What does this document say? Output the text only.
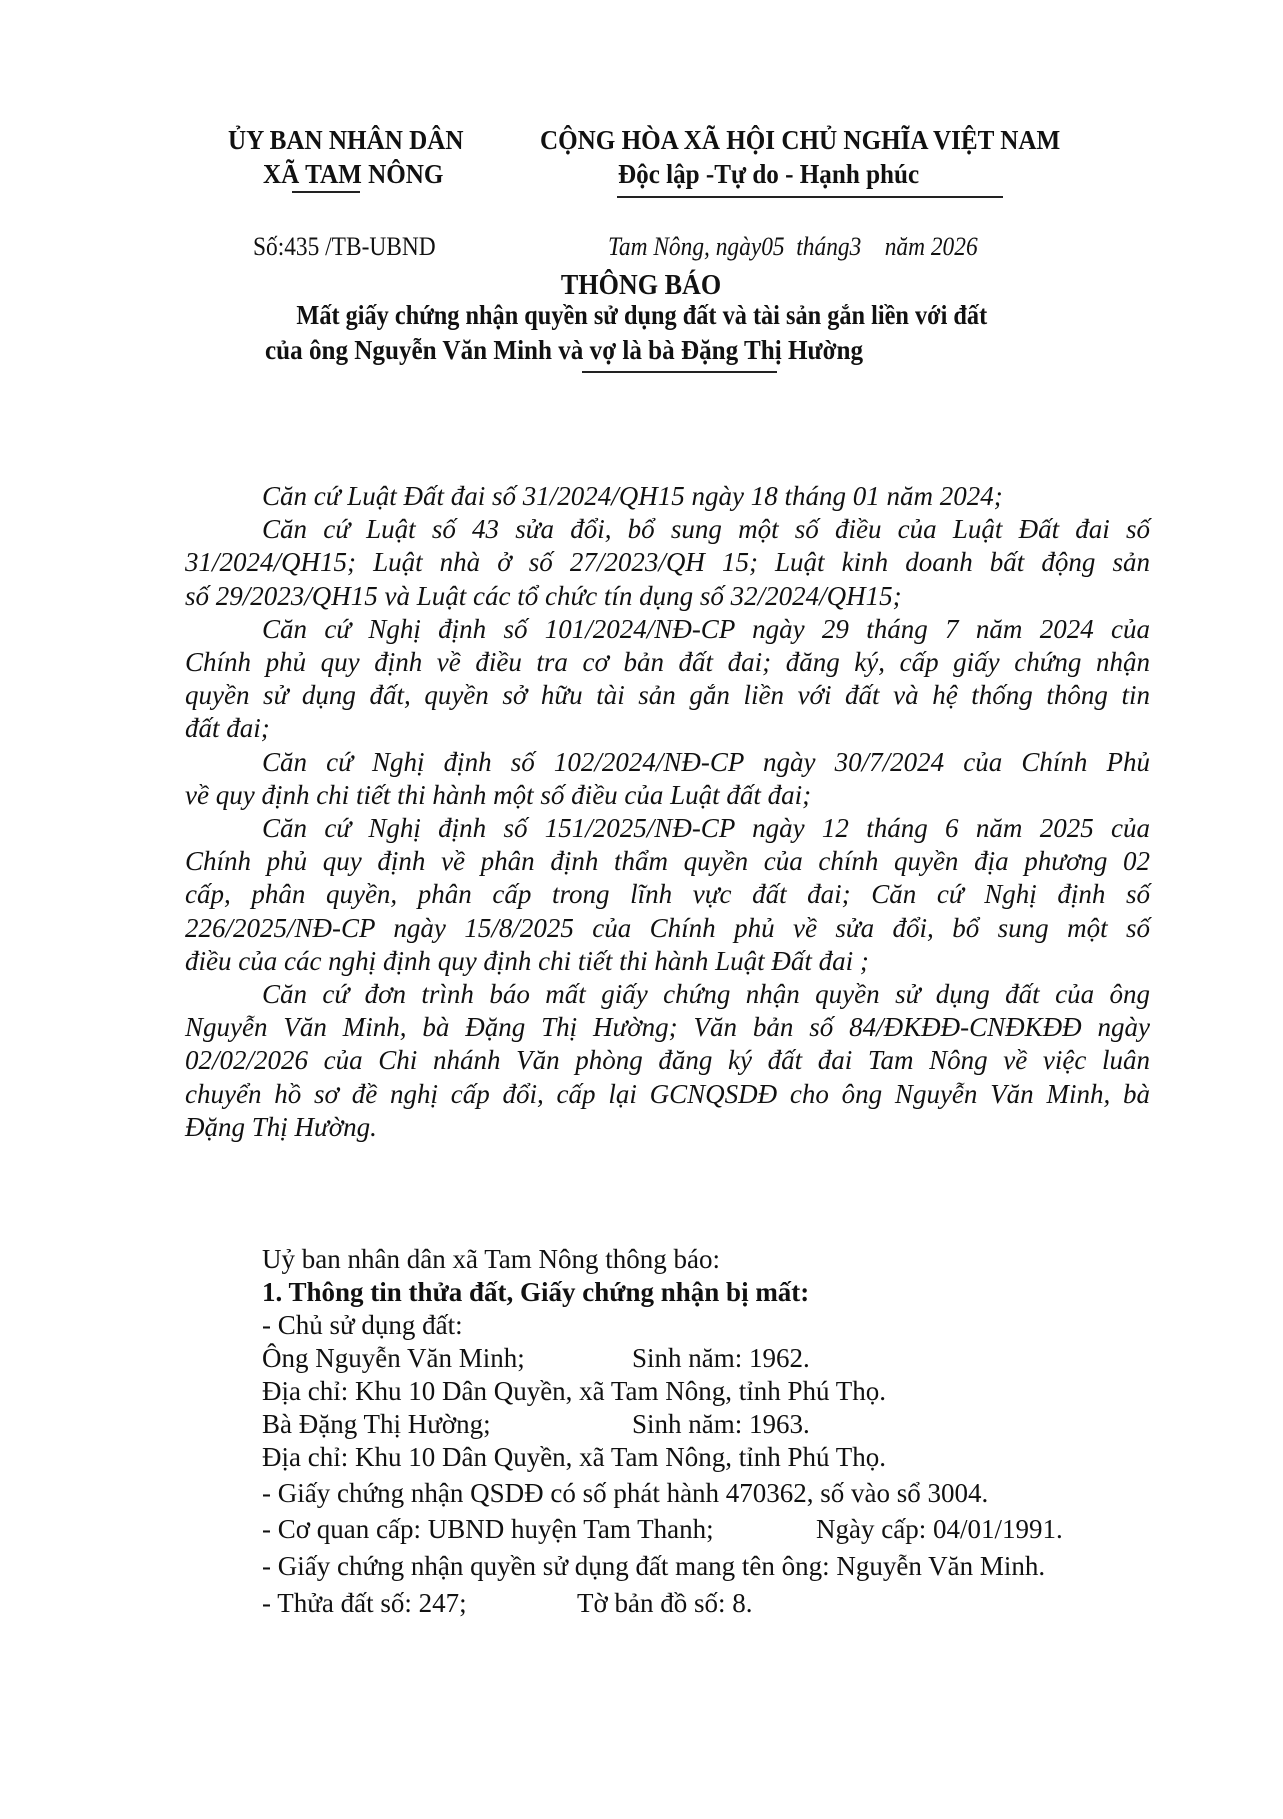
ỦY BAN NHÂN DÂN
XÃ TAM NÔNG
CỘNG HÒA XÃ HỘI CHỦ NGHĨA VIỆT NAM
Độc lập -Tự do - Hạnh phúc
Số:435 /TB-UBND	Tam Nông, ngày05  tháng3    năm 2026
THÔNG BÁO
Mất giấy chứng nhận quyền sử dụng đất và tài sản gắn liền với đất
của ông Nguyễn Văn Minh và vợ là bà Đặng Thị Hường
Căn cứ Luật Đất đai số 31/2024/QH15 ngày 18 tháng 01 năm 2024;
Căn cứ Luật số 43 sửa đổi, bổ sung một số điều của Luật Đất đai số
31/2024/QH15; Luật nhà ở số 27/2023/QH 15; Luật kinh doanh bất động sản
số 29/2023/QH15 và Luật các tổ chức tín dụng số 32/2024/QH15;
Căn cứ Nghị định số 101/2024/NĐ-CP ngày 29 tháng 7 năm 2024 của
Chính phủ quy định về điều tra cơ bản đất đai; đăng ký, cấp giấy chứng nhận
quyền sử dụng đất, quyền sở hữu tài sản gắn liền với đất và hệ thống thông tin
đất đai;
Căn cứ Nghị định số 102/2024/NĐ-CP ngày 30/7/2024 của Chính Phủ
về quy định chi tiết thi hành một số điều của Luật đất đai;
Căn cứ Nghị định số 151/2025/NĐ-CP ngày 12 tháng 6 năm 2025 của
Chính phủ quy định về phân định thẩm quyền của chính quyền địa phương 02
cấp, phân quyền, phân cấp trong lĩnh vực đất đai; Căn cứ Nghị định số
226/2025/NĐ-CP ngày 15/8/2025 của Chính phủ về sửa đổi, bổ sung một số
điều của các nghị định quy định chi tiết thi hành Luật Đất đai ;
Căn cứ đơn trình báo mất giấy chứng nhận quyền sử dụng đất của ông
Nguyễn Văn Minh, bà Đặng Thị Hường; Văn bản số 84/ĐKĐĐ-CNĐKĐĐ ngày
02/02/2026 của Chi nhánh Văn phòng đăng ký đất đai Tam Nông về việc luân
chuyển hồ sơ đề nghị cấp đổi, cấp lại GCNQSDĐ cho ông Nguyễn Văn Minh, bà
Đặng Thị Hường.
Uỷ ban nhân dân xã Tam Nông thông báo:
1. Thông tin thửa đất, Giấy chứng nhận bị mất:
- Chủ sử dụng đất:
Ông Nguyễn Văn Minh;	Sinh năm: 1962.
Địa chỉ: Khu 10 Dân Quyền, xã Tam Nông, tỉnh Phú Thọ.
Bà Đặng Thị Hường;	Sinh năm: 1963.
Địa chỉ: Khu 10 Dân Quyền, xã Tam Nông, tỉnh Phú Thọ.
- Giấy chứng nhận QSDĐ có số phát hành 470362, số vào sổ 3004.
- Cơ quan cấp: UBND huyện Tam Thanh;	Ngày cấp: 04/01/1991.
- Giấy chứng nhận quyền sử dụng đất mang tên ông: Nguyễn Văn Minh.
- Thửa đất số: 247;	Tờ bản đồ số: 8.
